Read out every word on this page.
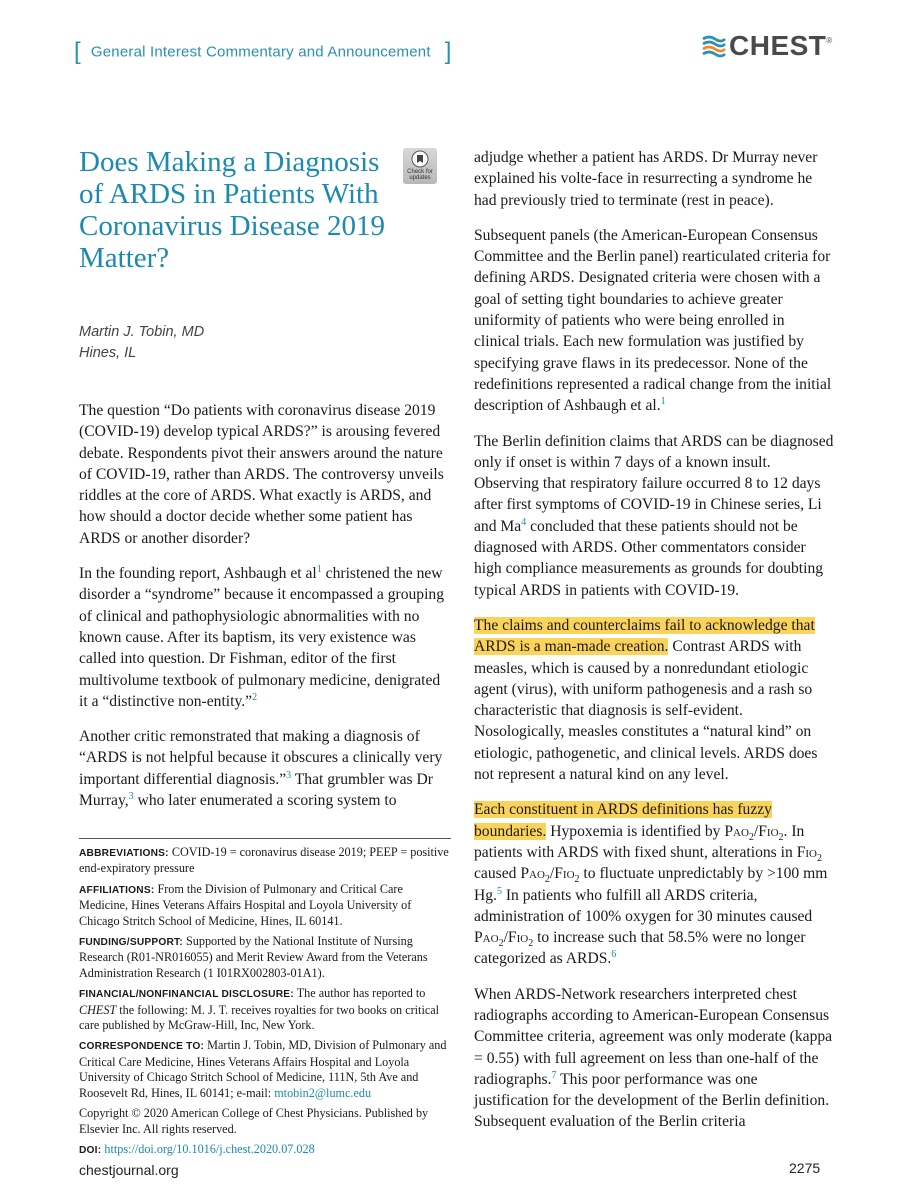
[ General Interest Commentary and Announcement ]	CHEST ®
Does Making a Diagnosis of ARDS in Patients With Coronavirus Disease 2019 Matter?
Check for updates
Martin J. Tobin, MD
Hines, IL

The question “Do patients with coronavirus disease 2019 (COVID-19) develop typical ARDS?” is arousing fevered debate. Respondents pivot their answers around the nature of COVID-19, rather than ARDS. The controversy unveils riddles at the core of ARDS. What exactly is ARDS, and how should a doctor decide whether some patient has ARDS or another disorder?

In the founding report, Ashbaugh et $al^1$ christened the new disorder a “syndrome” because it encompassed a grouping of clinical and pathophysiologic abnormalities with no known cause. After its baptism, its very existence was called into question. Dr Fishman, editor of the first multivolume textbook of pulmonary medicine, denigrated it a “distinctive non-entity.”$^2$

Another critic remonstrated that making a diagnosis of “ARDS is not helpful because it obscures a clinically very important differential diagnosis.”$^3$ That grumbler was Dr Murray,$^3$ who later enumerated a scoring system to

ABBREVIATIONS: COVID-19 = coronavirus disease 2019; PEEP = positive end-expiratory pressure

AFFILIATIONS: From the Division of Pulmonary and Critical Care Medicine, Hines Veterans Affairs Hospital and Loyola University of Chicago Stritch School of Medicine, Hines, IL 60141.

FUNDING/SUPPORT: Supported by the National Institute of Nursing Research (R01-NR016055) and Merit Review Award from the Veterans Administration Research (1 I01RX002803-01A1).

FINANCIAL/NONFINANCIAL DISCLOSURE: The author has reported to CHEST the following: M. J. T. receives royalties for two books on critical care published by McGraw-Hill, Inc, New York.

CORRESPONDENCE TO: Martin J. Tobin, MD, Division of Pulmonary and Critical Care Medicine, Hines Veterans Affairs Hospital and Loyola University of Chicago Stritch School of Medicine, 111N, 5th Ave and Roosevelt Rd, Hines, IL 60141; e-mail: mtobin2@lumc.edu

Copyright © 2020 American College of Chest Physicians. Published by Elsevier Inc. All rights reserved.

DOI: https://doi.org/10.1016/j.chest.2020.07.028

adjudge whether a patient has ARDS. Dr Murray never explained his volte-face in resurrecting a syndrome he had previously tried to terminate (rest in peace).

Subsequent panels (the American-European Consensus Committee and the Berlin panel) rearticulated criteria for defining ARDS. Designated criteria were chosen with a goal of setting tight boundaries to achieve greater uniformity of patients who were being enrolled in clinical trials. Each new formulation was justified by specifying grave flaws in its predecessor. None of the redefinitions represented a radical change from the initial description of Ashbaugh et al.$^1$

The Berlin definition claims that ARDS can be diagnosed only if onset is within 7 days of a known insult. Observing that respiratory failure occurred 8 to 12 days after first symptoms of COVID-19 in Chinese series, Li and Ma$^4$ concluded that these patients should not be diagnosed with ARDS. Other commentators consider high compliance measurements as grounds for doubting typical ARDS in patients with COVID-19.

The claims and counterclaims fail to acknowledge that ARDS is a man-made creation. Contrast ARDS with measles, which is caused by a nonredundant etiologic agent (virus), with uniform pathogenesis and a rash so characteristic that diagnosis is self-evident. Nosologically, measles constitutes a “natural kind” on etiologic, pathogenetic, and clinical levels. ARDS does not represent a natural kind on any level.

Each constituent in ARDS definitions has fuzzy boundaries. Hypoxemia is identified by Pao$_2$/Fio$_2$. In patients with ARDS with fixed shunt, alterations in Fio$_2$ caused Pao$_2$/Fio$_2$ to fluctuate unpredictably by >100 mm Hg.$^5$ In patients who fulfill all ARDS criteria, administration of 100% oxygen for 30 minutes caused Pao$_2$/Fio$_2$ to increase such that 58.5% were no longer categorized as ARDS.$^6$

When ARDS-Network researchers interpreted chest radiographs according to American-European Consensus Committee criteria, agreement was only moderate (kappa = 0.55) with full agreement on less than one-half of the radiographs.$^7$ This poor performance was one justification for the development of the Berlin definition. Subsequent evaluation of the Berlin criteria

chestjournal.org	2275
